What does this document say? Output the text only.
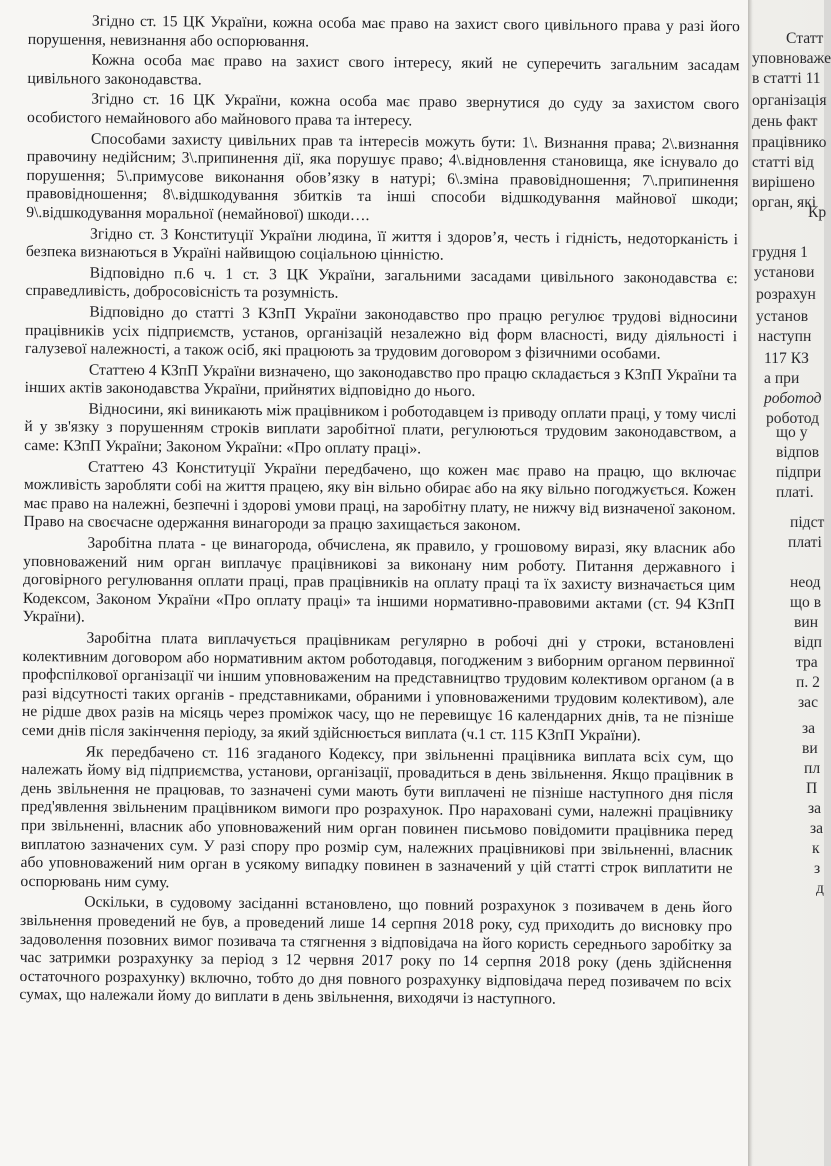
Згідно ст. 15 ЦК України, кожна особа має право на захист свого цивільного права у разі його порушення, невизнання або оспорювання.

Кожна особа має право на захист свого інтересу, який не суперечить загальним засадам цивільного законодавства.

Згідно ст. 16 ЦК України, кожна особа має право звернутися до суду за захистом свого особистого немайнового або майнового права та інтересу.

Способами захисту цивільних прав та інтересів можуть бути: 1\. Визнання права; 2\.визнання правочину недійсним; 3\.припинення дії, яка порушує право; 4\.відновлення становища, яке існувало до порушення; 5\.примусове виконання обов’язку в натурі; 6\.зміна правовідношення; 7\.припинення правовідношення; 8\.відшкодування збитків та інші способи відшкодування майнової шкоди; 9\.відшкодування моральної (немайнової) шкоди….

Згідно ст. 3 Конституції України людина, її життя і здоров’я, честь і гідність, недоторканість і безпека визнаються в Україні найвищою соціальною цінністю.

Відповідно п.6 ч. 1 ст. 3 ЦК України, загальними засадами цивільного законодавства є: справедливість, добросовісність та розумність.

Відповідно до статті 3 КЗпП України законодавство про працю регулює трудові відносини працівників усіх підприємств, установ, організацій незалежно від форм власності, виду діяльності і галузевої належності, а також осіб, які працюють за трудовим договором з фізичними особами.

Статтею 4 КЗпП України визначено, що законодавство про працю складається з КЗпП України та інших актів законодавства України, прийнятих відповідно до нього.

Відносини, які виникають між працівником і роботодавцем із приводу оплати праці, у тому числі й у зв'язку з порушенням строків виплати заробітної плати, регулюються трудовим законодавством, а саме: КЗпП України; Законом України: «Про оплату праці».

Статтею 43 Конституції України передбачено, що кожен має право на працю, що включає можливість заробляти собі на життя працею, яку він вільно обирає або на яку вільно погоджується. Кожен має право на належні, безпечні і здорові умови праці, на заробітну плату, не нижчу від визначеної законом. Право на своєчасне одержання винагороди за працю захищається законом.

Заробітна плата - це винагорода, обчислена, як правило, у грошовому виразі, яку власник або уповноважений ним орган виплачує працівникові за виконану ним роботу. Питання державного і договірного регулювання оплати праці, прав працівників на оплату праці та їх захисту визначається цим Кодексом, Законом України «Про оплату праці» та іншими нормативно-правовими актами (ст. 94 КЗпП України).

Заробітна плата виплачується працівникам регулярно в робочі дні у строки, встановлені колективним договором або нормативним актом роботодавця, погодженим з виборним органом первинної профспілкової організації чи іншим уповноваженим на представництво трудовим колективом органом (а в разі відсутності таких органів - представниками, обраними і уповноваженими трудовим колективом), але не рідше двох разів на місяць через проміжок часу, що не перевищує 16 календарних днів, та не пізніше семи днів після закінчення періоду, за який здійснюється виплата (ч.1 ст. 115 КЗпП України).

Як передбачено ст. 116 згаданого Кодексу, при звільненні працівника виплата всіх сум, що належать йому від підприємства, установи, організації, провадиться в день звільнення. Якщо працівник в день звільнення не працював, то зазначені суми мають бути виплачені не пізніше наступного дня після пред'явлення звільненим працівником вимоги про розрахунок. Про нараховані суми, належні працівнику при звільненні, власник або уповноважений ним орган повинен письмово повідомити працівника перед виплатою зазначених сум. У разі спору про розмір сум, належних працівникові при звільненні, власник або уповноважений ним орган в усякому випадку повинен в зазначений у цій статті строк виплатити не оспорювань ним суму.

Оскільки, в судовому засіданні встановлено, що повний розрахунок з позивачем в день його звільнення проведений не був, а проведений лише 14 серпня 2018 року, суд приходить до висновку про задоволення позовних вимог позивача та стягнення з відповідача на його користь середнього заробітку за час затримки розрахунку за період з 12 червня 2017 року по 14 серпня 2018 року (день здійснення остаточного розрахунку) включно, тобто до дня повного розрахунку відповідача перед позивачем по всіх сумах, що належали йому до виплати в день звільнення, виходячи із наступного.

Статт
уповноваже
в статті 11
організація
день факт
працівнико
статті від
вирішено
орган, які
Кр
грудня 1
установи
розрахун
установ
наступн
117 КЗ
а при
роботод
роботод
що у
відпов
підпри
платі.
підст
платі
неод
що в
вин
відп
тра
п. 2
зас
за
ви
пл
П
за
за
к
з
д
